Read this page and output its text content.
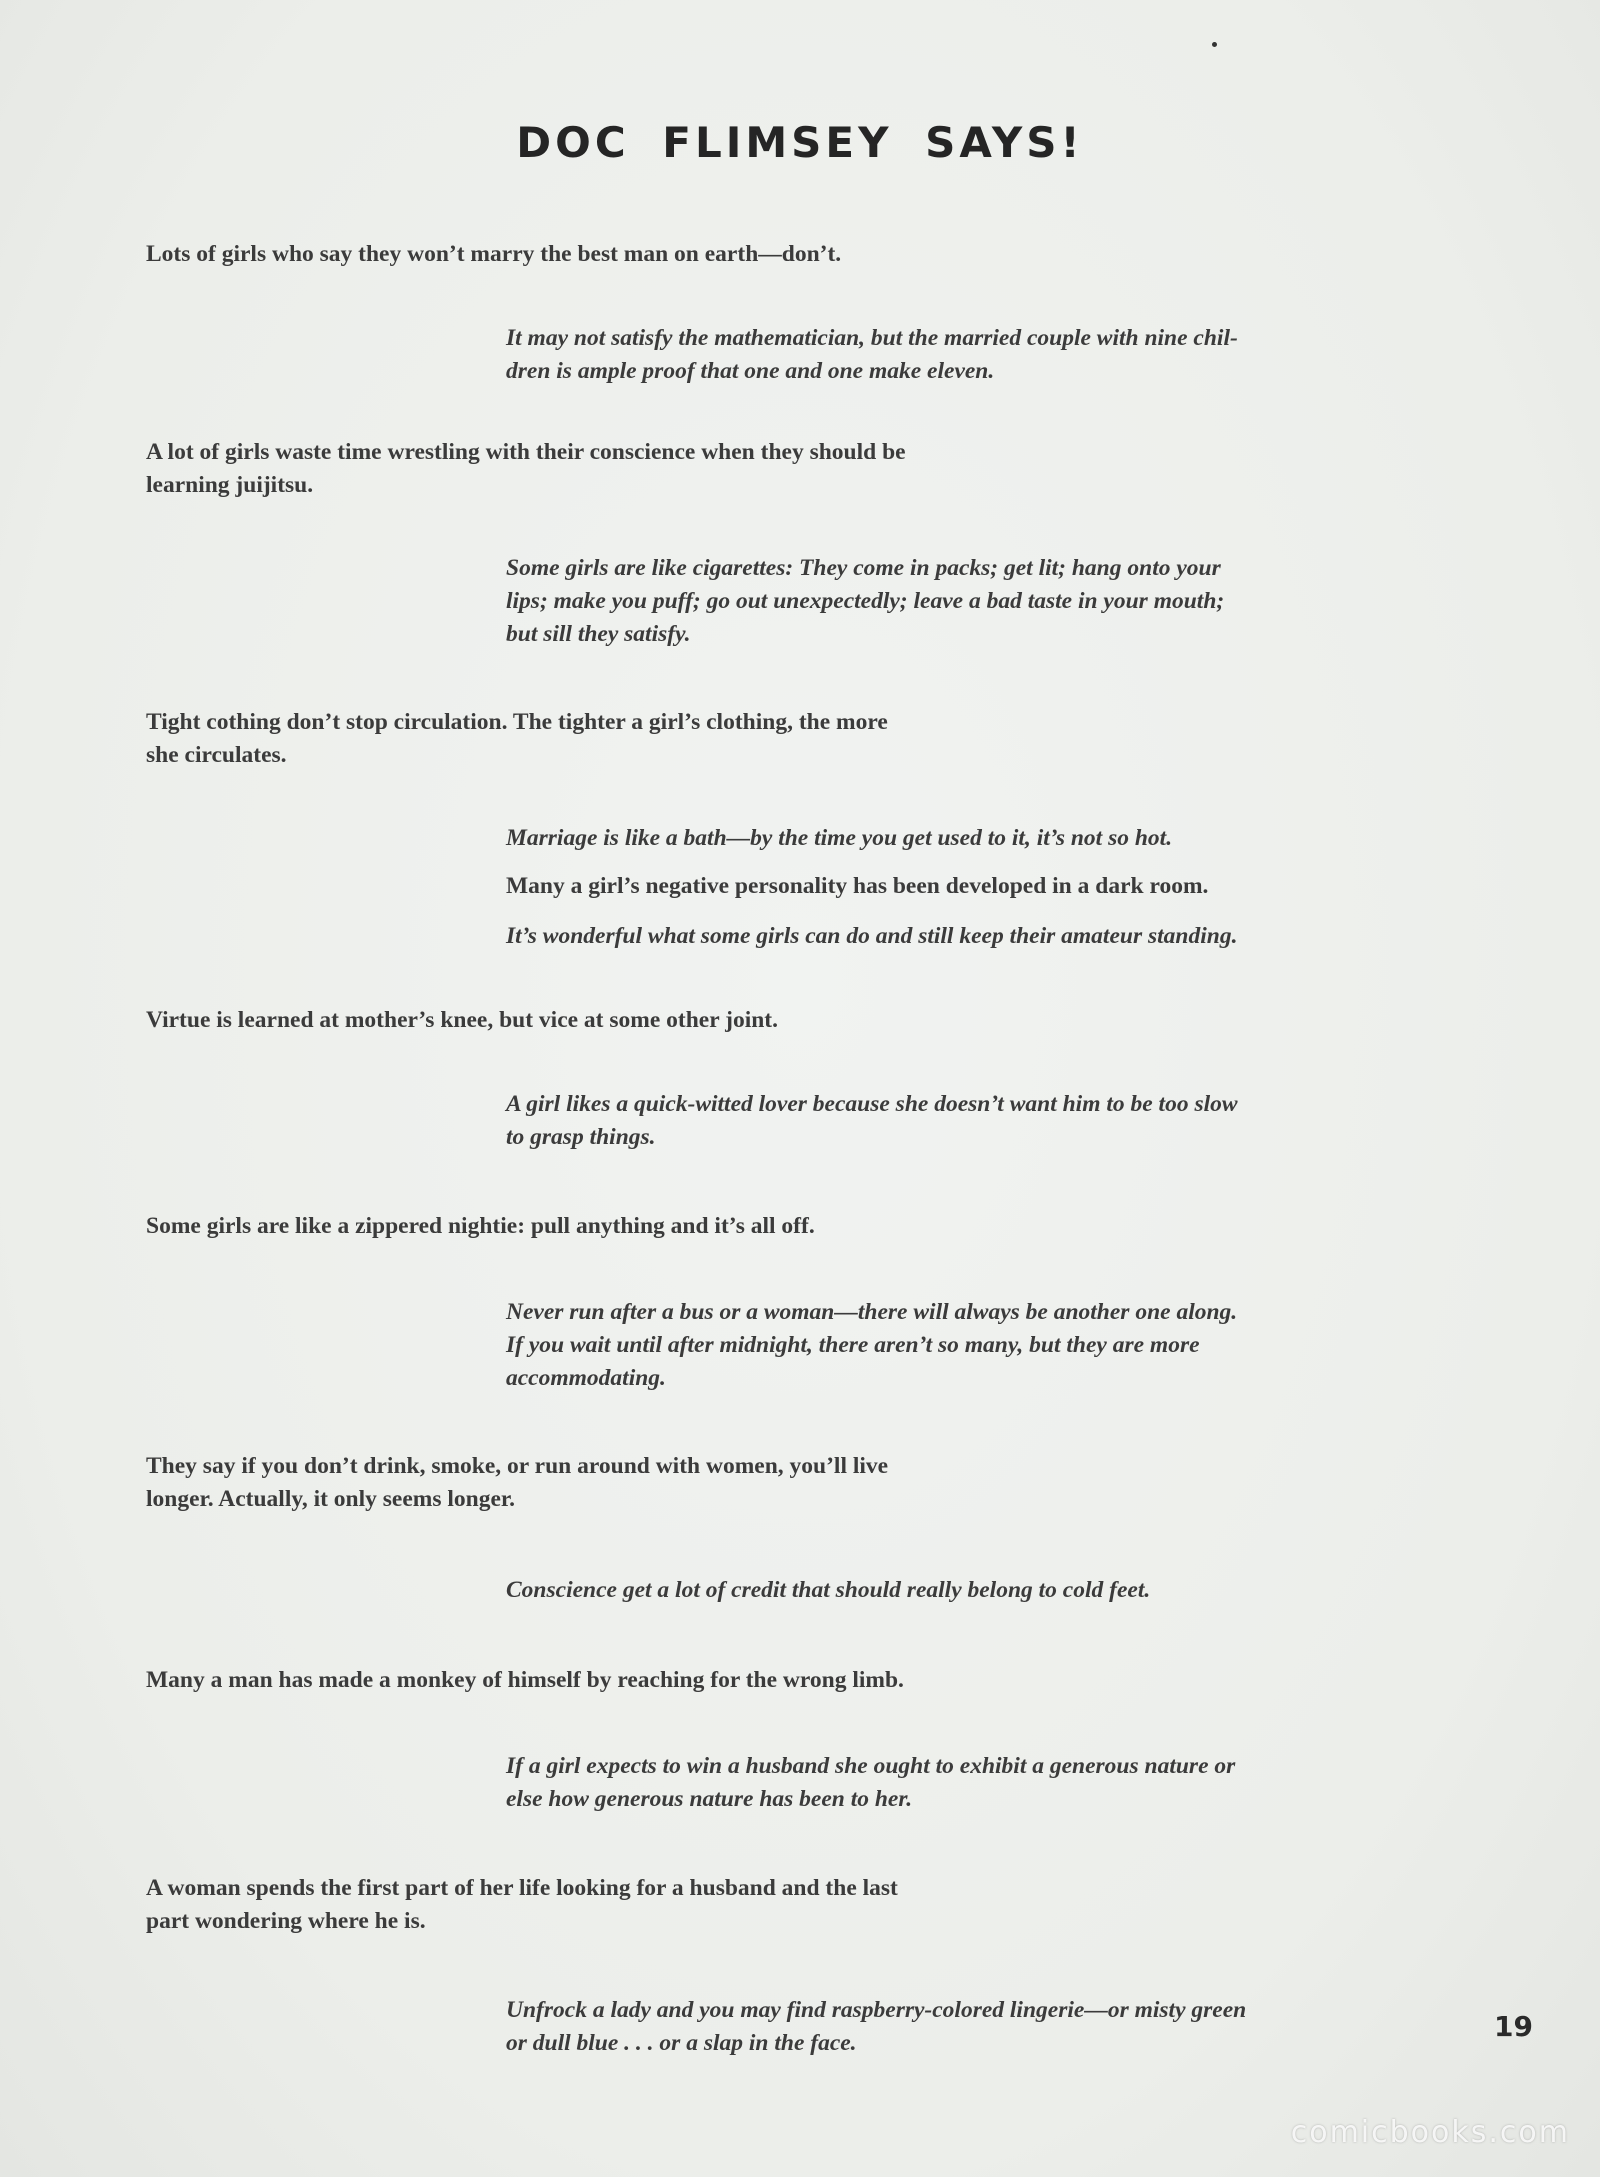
DOC FLIMSEY SAYS!

Lots of girls who say they won’t marry the best man on earth—don’t.

It may not satisfy the mathematician, but the married couple with nine chil-
dren is ample proof that one and one make eleven.

A lot of girls waste time wrestling with their conscience when they should be
learning juijitsu.

Some girls are like cigarettes: They come in packs; get lit; hang onto your
lips; make you puff; go out unexpectedly; leave a bad taste in your mouth;
but sill they satisfy.

Tight cothing don’t stop circulation. The tighter a girl’s clothing, the more
she circulates.

Marriage is like a bath—by the time you get used to it, it’s not so hot.

Many a girl’s negative personality has been developed in a dark room.

It’s wonderful what some girls can do and still keep their amateur standing.

Virtue is learned at mother’s knee, but vice at some other joint.

A girl likes a quick-witted lover because she doesn’t want him to be too slow
to grasp things.

Some girls are like a zippered nightie: pull anything and it’s all off.

Never run after a bus or a woman—there will always be another one along.
If you wait until after midnight, there aren’t so many, but they are more
accommodating.

They say if you don’t drink, smoke, or run around with women, you’ll live
longer. Actually, it only seems longer.

Conscience get a lot of credit that should really belong to cold feet.

Many a man has made a monkey of himself by reaching for the wrong limb.

If a girl expects to win a husband she ought to exhibit a generous nature or
else how generous nature has been to her.

A woman spends the first part of her life looking for a husband and the last
part wondering where he is.

Unfrock a lady and you may find raspberry-colored lingerie—or misty green
or dull blue . . . or a slap in the face.	19
comicbooks.com
